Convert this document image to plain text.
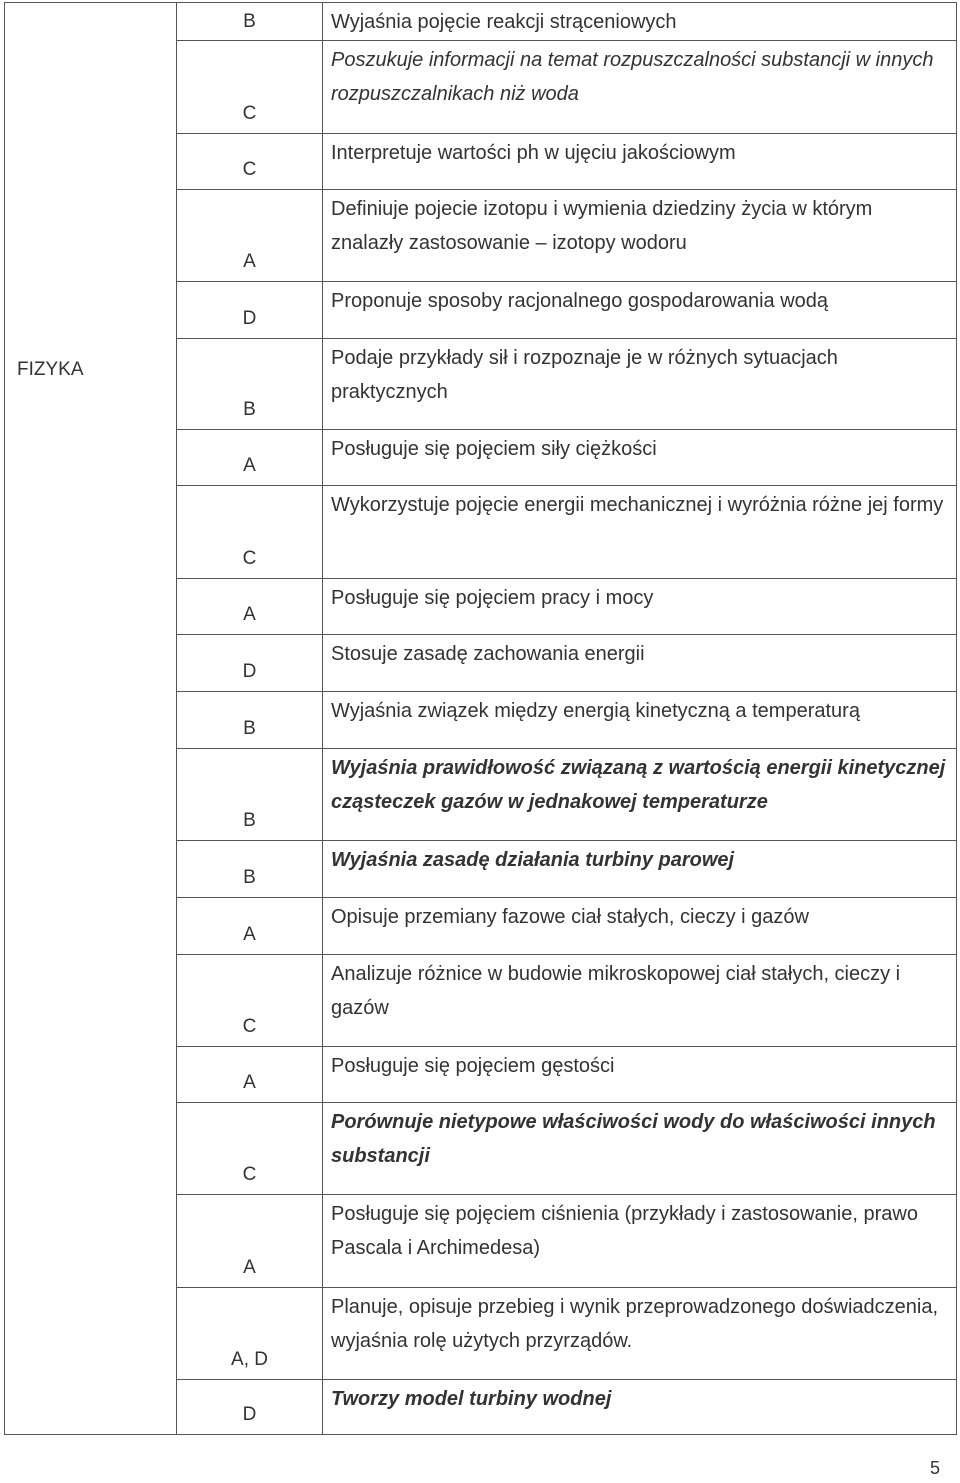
FIZYKA	B	Wyjaśnia pojęcie reakcji strąceniowych

	C	Poszukuje informacji na temat rozpuszczalności substancji w innych rozpuszczalnikach niż woda

	C	Interpretuje wartości ph w ujęciu jakościowym

	A	Definiuje pojecie izotopu i wymienia dziedziny życia w którym znalazły zastosowanie – izotopy wodoru

	D	Proponuje sposoby racjonalnego gospodarowania wodą

	B	Podaje przykłady sił i rozpoznaje je w różnych sytuacjach praktycznych

	A	Posługuje się pojęciem siły ciężkości

	C	Wykorzystuje pojęcie energii mechanicznej i wyróżnia różne jej formy

	A	Posługuje się pojęciem pracy i mocy

	D	Stosuje zasadę zachowania energii

	B	Wyjaśnia związek między energią kinetyczną a temperaturą

	B	Wyjaśnia prawidłowość związaną z wartością energii kinetycznej cząsteczek gazów w jednakowej temperaturze

	B	Wyjaśnia zasadę działania turbiny parowej

	A	Opisuje przemiany fazowe ciał stałych, cieczy i gazów

	C	Analizuje różnice w budowie mikroskopowej ciał stałych, cieczy i gazów

	A	Posługuje się pojęciem gęstości

	C	Porównuje nietypowe właściwości wody do właściwości innych substancji

	A	Posługuje się pojęciem ciśnienia (przykłady i zastosowanie, prawo Pascala i Archimedesa)

	A, D	Planuje, opisuje przebieg i wynik przeprowadzonego doświadczenia, wyjaśnia rolę użytych przyrządów.

	D	Tworzy model turbiny wodnej
5
